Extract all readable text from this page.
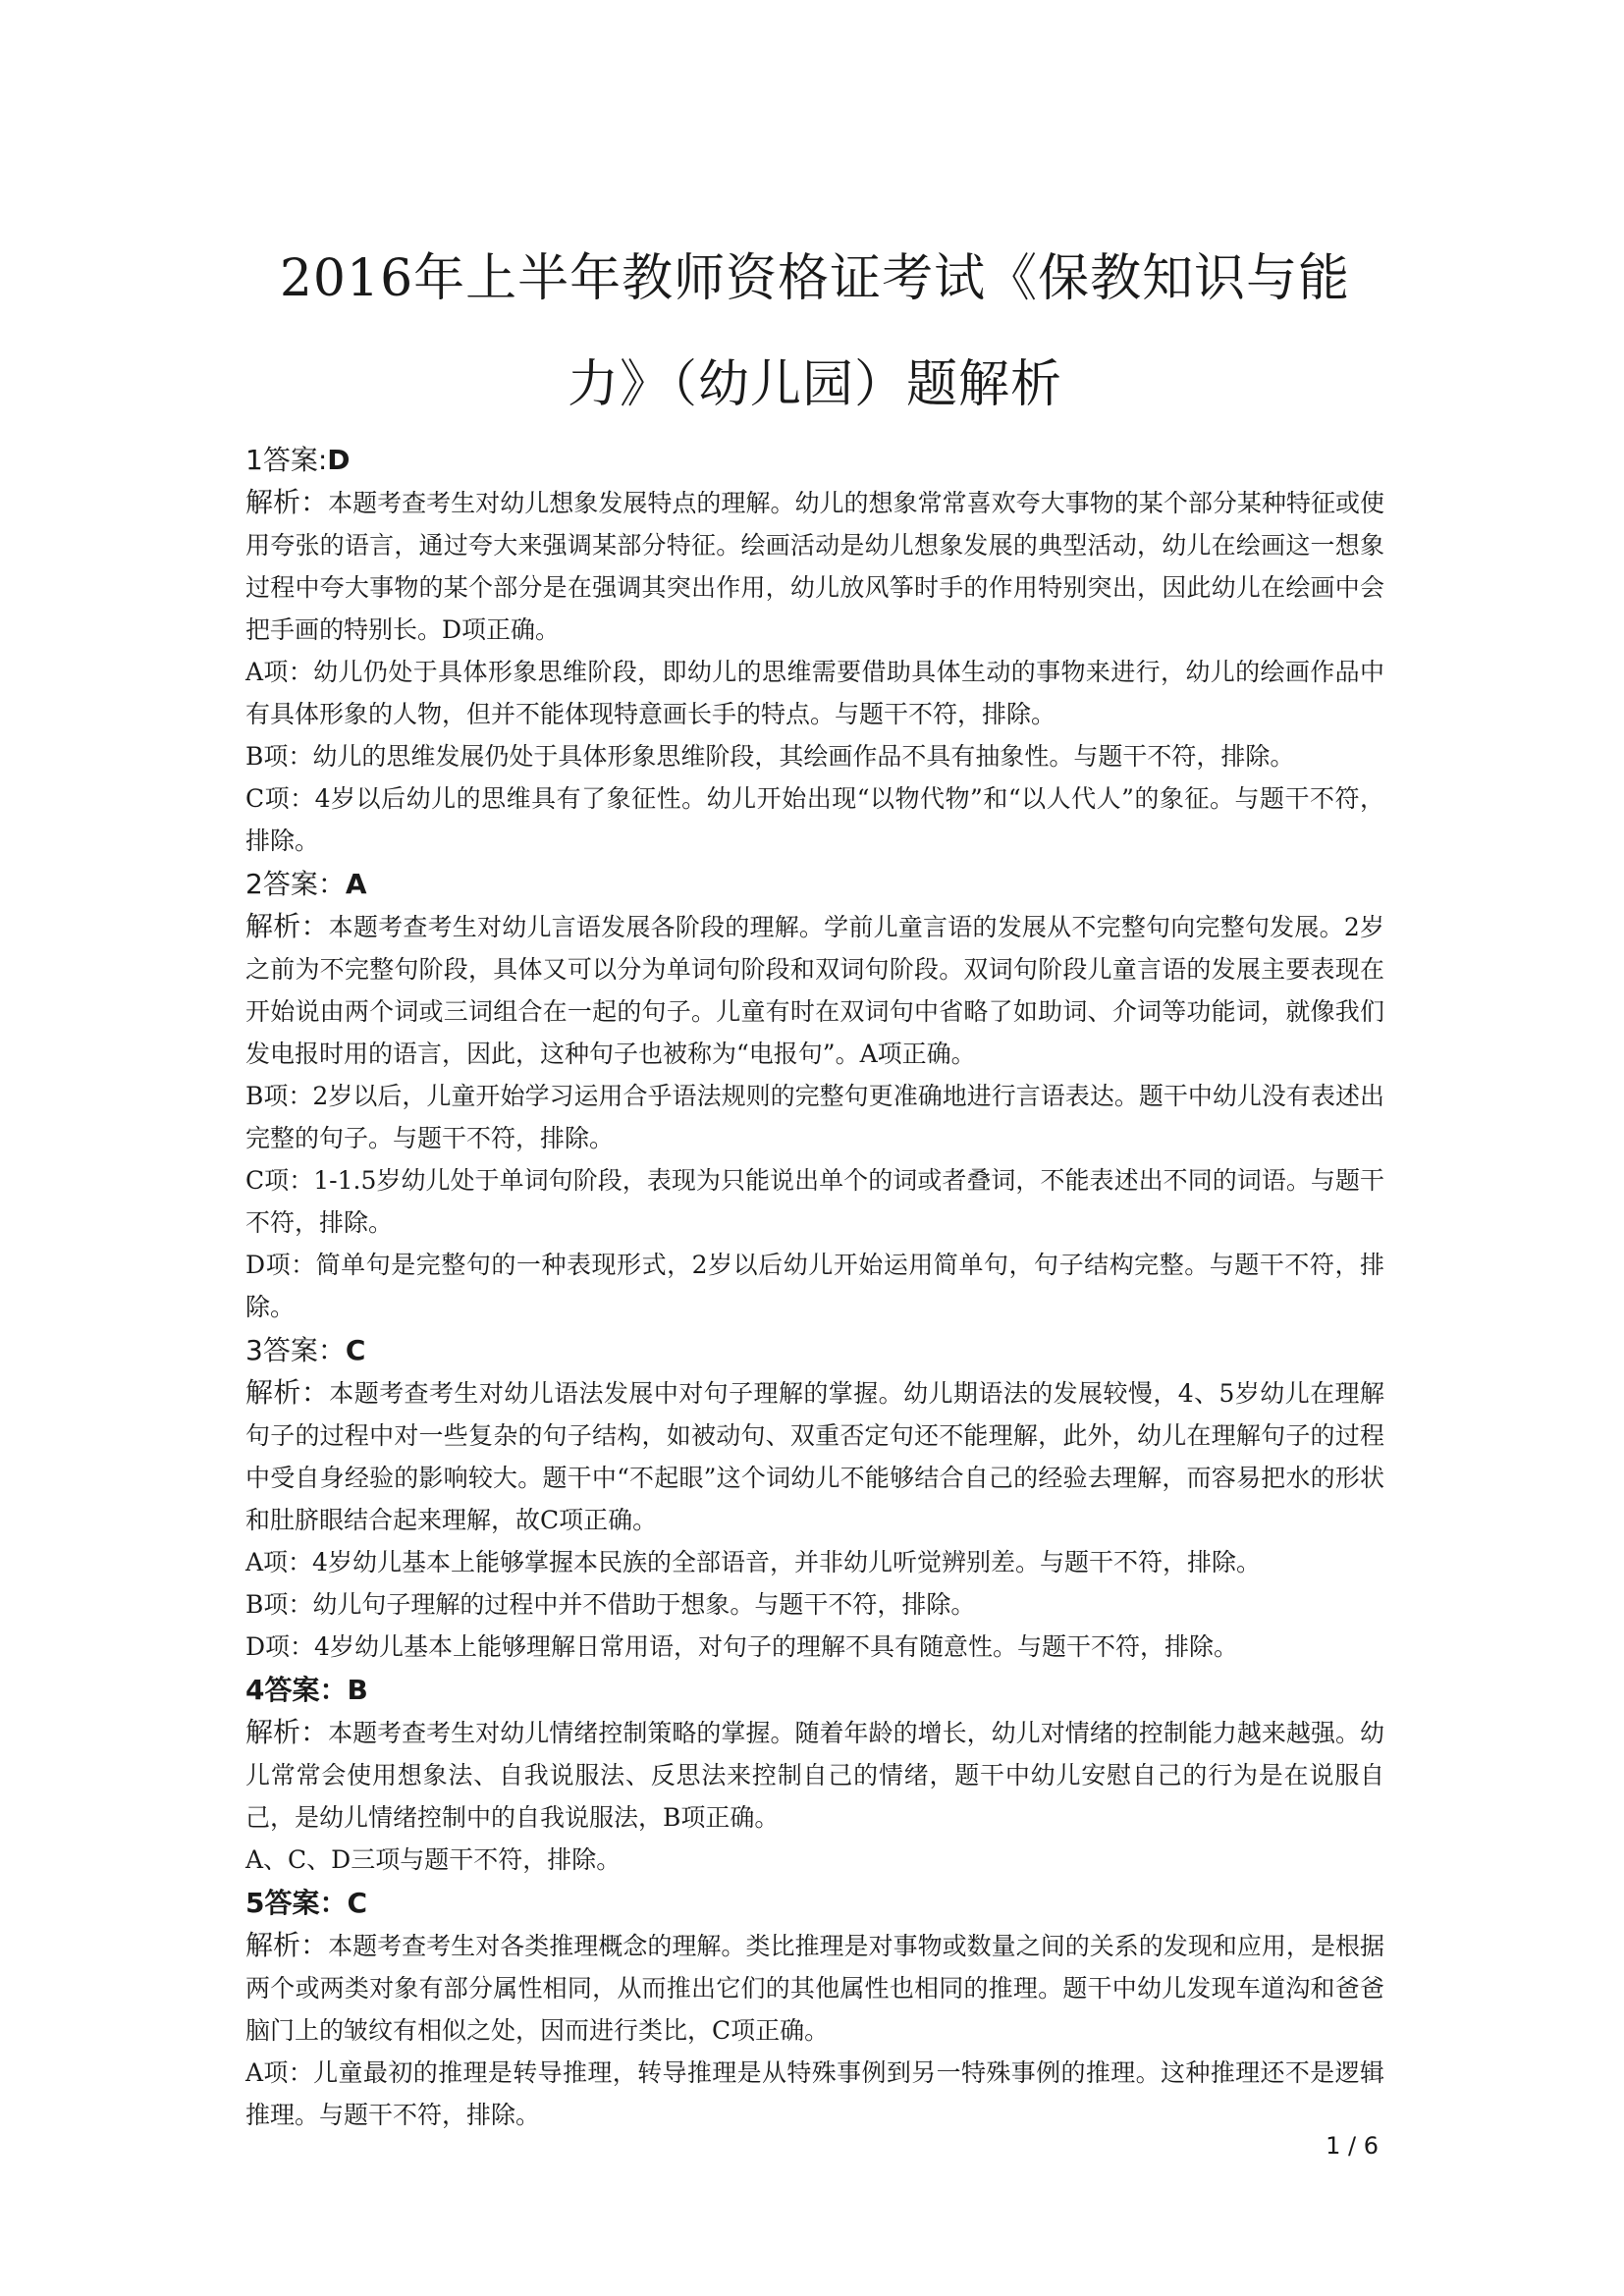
2016年上半年教师资格证考试《保教知识与能力》（幼儿园）题解析
1答案:D

解析：本题考查考生对幼儿想象发展特点的理解。幼儿的想象常常喜欢夸大事物的某个部分某种特征或使用夸张的语言，通过夸大来强调某部分特征。绘画活动是幼儿想象发展的典型活动，幼儿在绘画这一想象过程中夸大事物的某个部分是在强调其突出作用，幼儿放风筝时手的作用特别突出，因此幼儿在绘画中会把手画的特别长。D项正确。

A项：幼儿仍处于具体形象思维阶段，即幼儿的思维需要借助具体生动的事物来进行，幼儿的绘画作品中有具体形象的人物，但并不能体现特意画长手的特点。与题干不符，排除。

B项：幼儿的思维发展仍处于具体形象思维阶段，其绘画作品不具有抽象性。与题干不符，排除。

C项：4岁以后幼儿的思维具有了象征性。幼儿开始出现“以物代物”和“以人代人”的象征。与题干不符，排除。

2答案：A

解析：本题考查考生对幼儿言语发展各阶段的理解。学前儿童言语的发展从不完整句向完整句发展。2岁之前为不完整句阶段，具体又可以分为单词句阶段和双词句阶段。双词句阶段儿童言语的发展主要表现在开始说由两个词或三词组合在一起的句子。儿童有时在双词句中省略了如助词、介词等功能词，就像我们发电报时用的语言，因此，这种句子也被称为“电报句”。A项正确。

B项：2岁以后，儿童开始学习运用合乎语法规则的完整句更准确地进行言语表达。题干中幼儿没有表述出完整的句子。与题干不符，排除。

C项：1-1.5岁幼儿处于单词句阶段，表现为只能说出单个的词或者叠词，不能表述出不同的词语。与题干不符，排除。

D项：简单句是完整句的一种表现形式，2岁以后幼儿开始运用简单句，句子结构完整。与题干不符，排除。

3答案：C

解析：本题考查考生对幼儿语法发展中对句子理解的掌握。幼儿期语法的发展较慢，4、5岁幼儿在理解句子的过程中对一些复杂的句子结构，如被动句、双重否定句还不能理解，此外，幼儿在理解句子的过程中受自身经验的影响较大。题干中“不起眼”这个词幼儿不能够结合自己的经验去理解，而容易把水的形状和肚脐眼结合起来理解，故C项正确。

A项：4岁幼儿基本上能够掌握本民族的全部语音，并非幼儿听觉辨别差。与题干不符，排除。

B项：幼儿句子理解的过程中并不借助于想象。与题干不符，排除。

D项：4岁幼儿基本上能够理解日常用语，对句子的理解不具有随意性。与题干不符，排除。

4答案：B

解析：本题考查考生对幼儿情绪控制策略的掌握。随着年龄的增长，幼儿对情绪的控制能力越来越强。幼儿常常会使用想象法、自我说服法、反思法来控制自己的情绪，题干中幼儿安慰自己的行为是在说服自己，是幼儿情绪控制中的自我说服法，B项正确。

A、C、D三项与题干不符，排除。

5答案：C

解析：本题考查考生对各类推理概念的理解。类比推理是对事物或数量之间的关系的发现和应用，是根据两个或两类对象有部分属性相同，从而推出它们的其他属性也相同的推理。题干中幼儿发现车道沟和爸爸脑门上的皱纹有相似之处，因而进行类比，C项正确。

A项：儿童最初的推理是转导推理，转导推理是从特殊事例到另一特殊事例的推理。这种推理还不是逻辑推理。与题干不符，排除。

1 / 6
